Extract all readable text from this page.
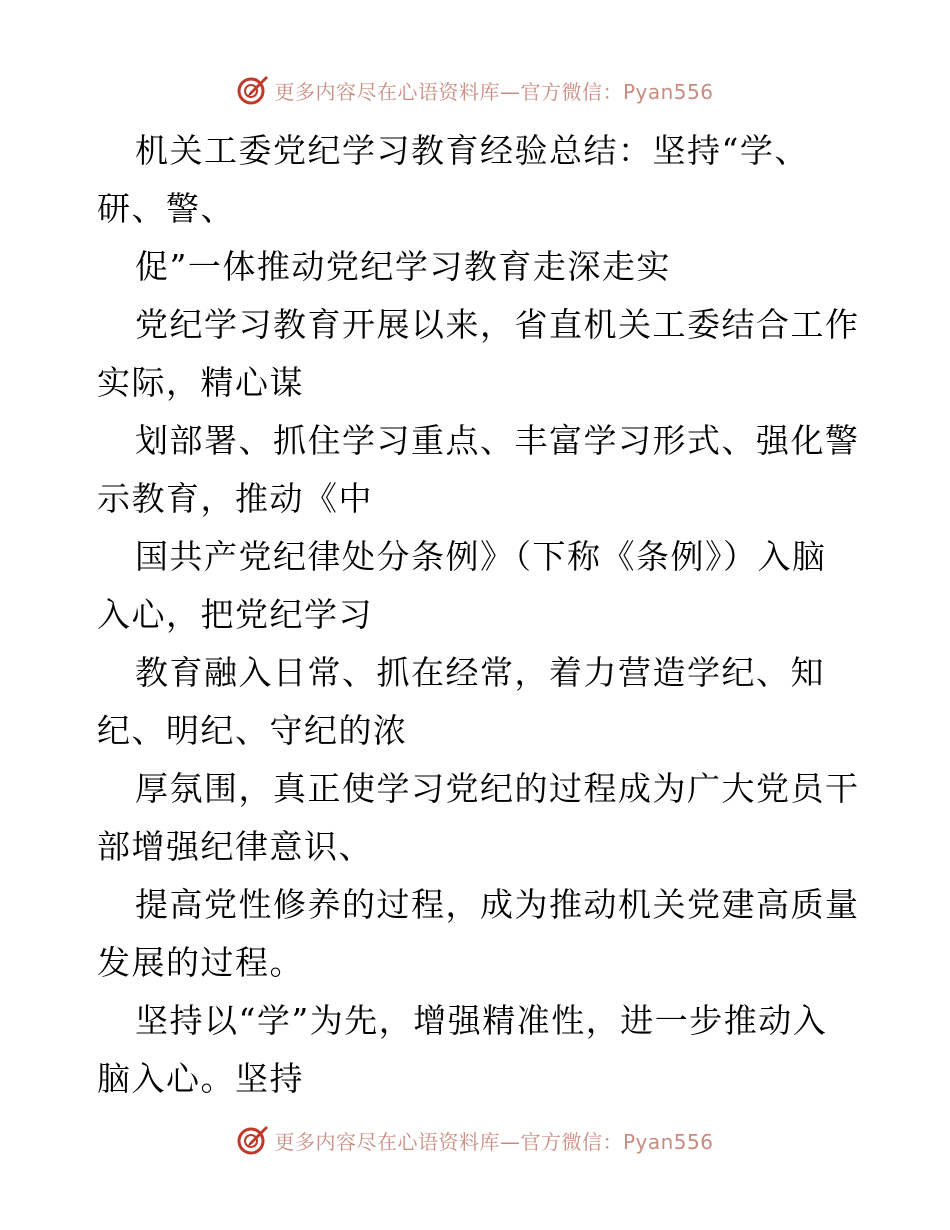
更多内容尽在心语资料库—官方微信：Pyan556
机关工委党纪学习教育经验总结：坚持“学、
研、警、
促”一体推动党纪学习教育走深走实
党纪学习教育开展以来，省直机关工委结合工作
实际，精心谋
划部署、抓住学习重点、丰富学习形式、强化警
示教育，推动《中
国共产党纪律处分条例》（下称《条例》）入脑
入心，把党纪学习
教育融入日常、抓在经常，着力营造学纪、知
纪、明纪、守纪的浓
厚氛围，真正使学习党纪的过程成为广大党员干
部增强纪律意识、
提高党性修养的过程，成为推动机关党建高质量
发展的过程。
坚持以“学”为先，增强精准性，进一步推动入
脑入心。坚持
更多内容尽在心语资料库—官方微信：Pyan556
